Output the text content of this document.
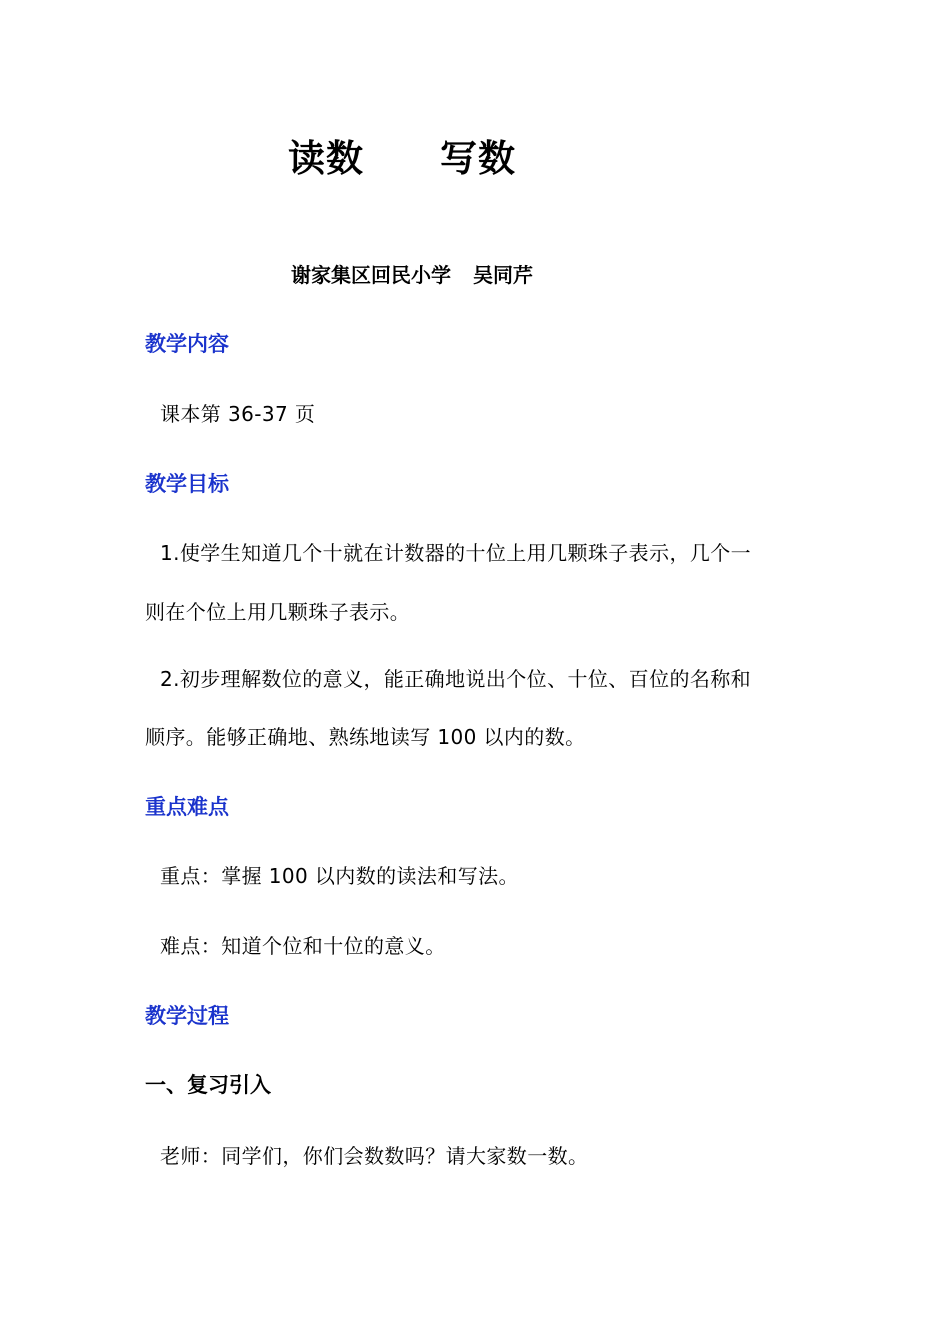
读数 写数
谢家集区回民小学 吴同芹
教学内容
课本第 36-37 页
教学目标
1.使学生知道几个十就在计数器的十位上用几颗珠子表示，几个一
则在个位上用几颗珠子表示。
2.初步理解数位的意义，能正确地说出个位、十位、百位的名称和
顺序。能够正确地、熟练地读写 100 以内的数。
重点难点
重点：掌握 100 以内数的读法和写法。
难点：知道个位和十位的意义。
教学过程
一、复习引入
老师：同学们，你们会数数吗？请大家数一数。
